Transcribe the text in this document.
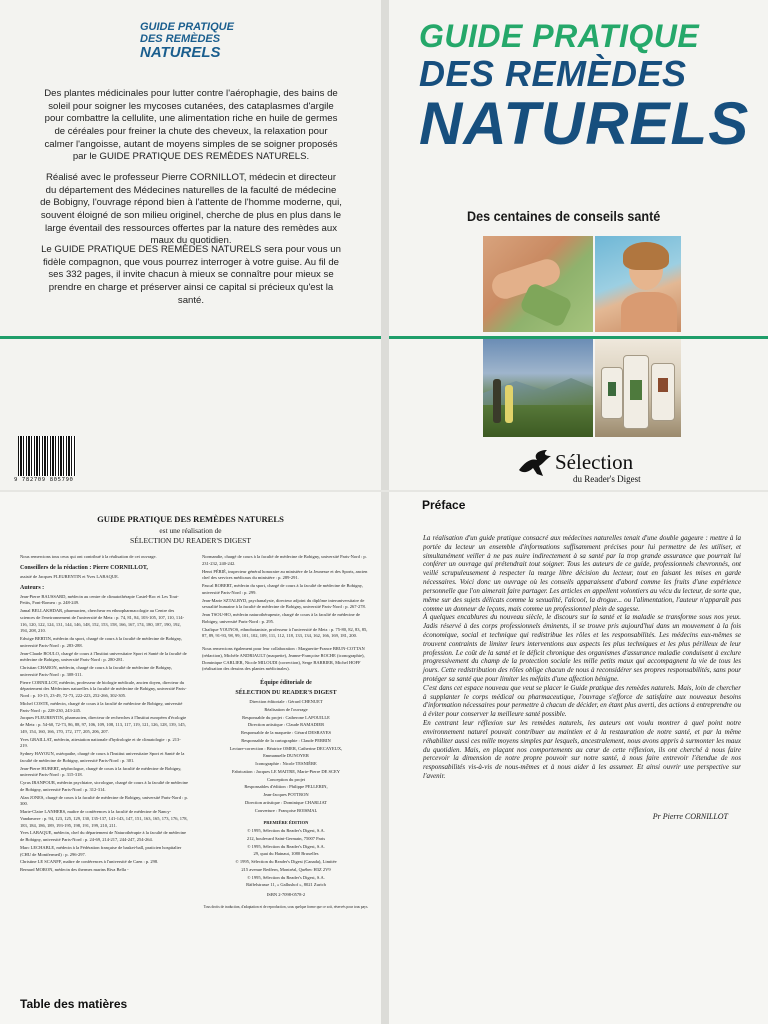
GUIDE PRATIQUE
DES REMÈDES
NATURELS

Des plantes médicinales pour lutter contre l'aérophagie, des bains de soleil pour soigner les mycoses cutanées, des cataplasmes d'argile pour combattre la cellulite, une alimentation riche en huile de germes de céréales pour freiner la chute des cheveux, la relaxation pour calmer l'angoisse, autant de moyens simples de se soigner proposés par le GUIDE PRATIQUE DES REMÈDES NATURELS.

Réalisé avec le professeur Pierre CORNILLOT, médecin et directeur du département des Médecines naturelles de la faculté de médecine de Bobigny, l'ouvrage répond bien à l'attente de l'homme moderne, qui, souvent éloigné de son milieu originel, cherche de plus en plus dans le large éventail des ressources offertes par la nature des remèdes aux maux du quotidien.

Le GUIDE PRATIQUE DES REMÈDES NATURELS sera pour vous un fidèle compagnon, que vous pourrez interroger à votre guise. Au fil de ses 332 pages, il invite chacun à mieux se connaître pour mieux se prendre en charge et préserver ainsi ce capital si précieux qu'est la santé.

9 782709 805790
GUIDE PRATIQUE
DES REMÈDES
NATURELS
Des centaines de conseils santé
Sélection
du Reader's Digest
GUIDE PRATIQUE DES REMÈDES NATURELS
est une réalisation de
SÉLECTION DU READER'S DIGEST

Nous remercions tous ceux qui ont contribué à la réalisation de cet ouvrage.

Conseillers de la rédaction : Pierre CORNILLOT,

assisté de Jacques FLEURENTIN et Yves LABAQUE.

Auteurs :

Jean-Pierre BAUSSARD, médecin au centre de climatothérapie Castel-Roc et Les Tout-Petits, Font-Romeu : p. 248-249.

Jamal BELLAKHDAR, pharmacien, chercheur en ethnopharmacologie au Centre des sciences de l'environnement de l'université de Metz : p. 74, 81, 84, 103-105, 107, 110, 114-116, 120, 122, 124, 131, 144, 146, 148, 152, 153, 158, 166, 167, 174, 180, 187, 190, 192, 194, 208, 210.

Edwige BERTIN, médecin du sport, chargé de cours à la faculté de médecine de Bobigny, université Paris-Nord : p. 283-288.

Jean-Claude BOULO, chargé de cours à l'Institut universitaire Sport et Santé de la faculté de médecine de Bobigny, université Paris-Nord : p. 280-281.

Christian CHARON, médecin, chargé de cours à la faculté de médecine de Bobigny, université Paris-Nord : p. 308-311.

Pierre CORNILLOT, médecin, professeur de biologie médicale, ancien doyen, directeur du département des Médecines naturelles à la faculté de médecine de Bobigny, université Paris-Nord : p. 10-15, 23-49, 72-73, 222-223, 252-266, 302-305.

Michel COSTE, médecin, chargé de cours à la faculté de médecine de Bobigny, université Paris-Nord : p. 228-230, 243-245.

Jacques FLEURENTIN, pharmacien, directeur de recherches à l'Institut européen d'écologie de Metz : p. 54-60, 72-73, 86, 88, 97, 106, 109, 108, 113, 117, 119, 121, 126, 128, 139, 145, 149, 154, 160, 166, 170, 172, 177, 205, 206, 207.

Yves GRAILLAT, médecin, attestation nationale d'hydrologie et de climatologie : p. 213-219.

Sydney HAYOUN, ostéopathe, chargé de cours à l'Institut universitaire Sport et Santé de la faculté de médecine de Bobigny, université Paris-Nord : p. 301.

Jean-Pierre HUBERT, néphrologue, chargé de cours à la faculté de médecine de Bobigny, université Paris-Nord : p. 315-318.

Cyrus IRANPOUR, médecin psychiatre, sicrologue, chargé de cours à la faculté de médecine de Bobigny, université Paris-Nord : p. 312-314.

Alan JONES, chargé de cours à la faculté de médecine de Bobigny, université Paris-Nord : p. 300.

Marie-Claire LANHERS, maître de conférences à la faculté de médecine de Nancy-Vandœuvre : p. 94, 123, 125, 129, 130, 135-137, 141-143, 147, 151, 163, 165, 173, 176, 178, 183, 184, 186, 189, 193-195, 198, 191, 199, 210, 211.

Yves LABAQUE, médecin, chef du département de Naturothérapie à la faculté de médecine de Bobigny, université Paris-Nord : p. 24-69, 214-217, 244-247, 254-264.

Marc LECHABLE, médecin à la Fédération française de basket-ball, praticien hospitalier (CHU de Montfermeil) : p. 296-297.

Christine LE SCANFF, maître de conférences à l'université de Caen : p. 298.

Bernard MORON, médecin des thermes marins Riva Bella -

Normandie, chargé de cours à la faculté de médecine de Bobigny, université Paris-Nord : p. 231-232, 240-242.

Henri PÉRIÉ, inspecteur général honoraire au ministère de la Jeunesse et des Sports, ancien chef des services médicaux du ministère : p. 289-291.

Pascal ROBERT, médecin du sport, chargé de cours à la faculté de médecine de Bobigny, université Paris-Nord : p. 299.

Jean-Marie SZTALRYD, psychanalyste, directeur adjoint du diplôme interuniversitaire de sexualité humaine à la faculté de médecine de Bobigny, université Paris-Nord : p. 267-278.

Jean TSOU-HO, médecin naturothérapeute, chargé de cours à la faculté de médecine de Bobigny, université Paris-Nord : p. 295.

Chafique YOUNOS, ethnobotaniste, professeur à l'université de Metz : p. 75-80, 82, 83, 85, 87, 89, 91-93, 98, 99, 101, 102, 109, 111, 112, 118, 133, 134, 162, 166, 169, 181, 200.

Nous remercions également pour leur collaboration : Marguerite-France BRUN-COTTAN (rédaction), Michèle ANDRIAULT (maquette), Jeanne-Françoise ROCHE (iconographie), Dominique CARLIER, Nicole MILOUDI (correction), Serge BARRIER, Michel HOFF (réalisation des dessins des plantes médicinales).

Équipe éditoriale de

SÉLECTION DU READER'S DIGEST

Direction éditoriale : Gérard CHENUET

Réalisation de l'ouvrage

Responsable du projet : Catherone LAPOUILLE

Direction artistique : Claude RAMADIER

Responsable de la maquette : Gérard DESRAYES

Responsable de la cartographie : Claude PERRIN

Lecture-correction : Béatrice OMER, Catherine DECAYEUX,

Emmanuelle DUNOYER

Iconographie : Nicole TESNIÈRE

Fabrication : Jacques LE MAITRE, Marie-Pierre DE SCEY

Conception du projet

Responsables d'édition : Philippe PELLERIN,

Jean-Jacques POTTRON

Direction artistique : Dominique CHARLIAT

Couverture : Françoise BOISMAL

PREMIÈRE ÉDITION

© 1995, Sélection du Reader's Digest, S.A.

212, boulevard Saint-Germain, 75007 Paris

© 1995, Sélection du Reader's Digest, S.A.

29, quai du Hainaut, 1080 Bruxelles

© 1995, Sélection du Reader's Digest (Canada), Limitée

215 avenue Redfern, Montréal, Québec H3Z 2V9

© 1995, Sélection du Reader's Digest, S.A.

Räffelstrasse 11, « Gallushof », 8021 Zurich

ISBN 2-7098-0578-2

Tous droits de traduction, d'adaptation et de reproduction, sous quelque forme que ce soit, réservés pour tous pays.

Table des matières
Préface

La réalisation d'un guide pratique consacré aux médecines naturelles tenait d'une double gageure : mettre à la portée du lecteur un ensemble d'informations suffisamment précises pour lui permettre de les utiliser, et simultanément veiller à ne pas nuire indirectement à sa santé par la trop grande assurance que pourrait lui conférer un ouvrage qui prétendrait tout soigner. Tous les auteurs de ce guide, professionnels chevronnés, ont veillé scrupuleusement à respecter la marge libre décision du lecteur, tout en faisant les mises en garde nécessaires. Voici donc un ouvrage où les conseils apparaissent d'abord comme les fruits d'une expérience personnelle que l'on aimerait faire partager. Les articles en appellent volontiers au vécu du lecteur, de sorte que, même sur des sujets délicats comme la sexualité, l'alcool, la drogue... ou l'alimentation, l'auteur n'apparaît pas comme un donneur de leçons, mais comme un professionnel plein de sagesse.

À quelques encablures du nouveau siècle, le discours sur la santé et la maladie se transforme sous nos yeux. Jadis réservé à des corps professionnels éminents, il se trouve pris aujourd'hui dans un mouvement à la fois économique, social et technique qui redistribue les rôles et les responsabilités. Les médecins eux-mêmes se trouvent contraints de limiter leurs interventions aux aspects les plus techniques et les plus périlleux de leur profession. Le coût de la santé et le déficit chronique des organismes d'assurance maladie conduisent à exclure progressivement du champ de la protection sociale les mille petits maux qui accompagnent la vie de tous les jours. Cette redistribution des rôles oblige chacun de nous à reconsidérer ses propres responsabilités, sans pour protéger sa santé que pour limiter les méfaits d'une affection bénigne.

C'est dans cet espace nouveau que veut se placer le Guide pratique des remèdes naturels. Mais, loin de chercher à supplanter le corps médical ou pharmaceutique, l'ouvrage s'efforce de satisfaire aux nouveaux besoins d'information nécessaires pour permettre à chacun de décider, en étant plus averti, des actions à entreprendre ou à éviter pour conserver la meilleure santé possible.

En centrant leur réflexion sur les remèdes naturels, les auteurs ont voulu montrer à quel point notre environnement naturel pouvait contribuer au maintien et à la restauration de notre santé, et par la même réhabiliter aussi ces mille moyens simples par lesquels, ancestralement, nous avons appris à surmonter les maux du quotidien. Mais, en plaçant nos comportements au cœur de cette réflexion, ils ont cherché à nous faire percevoir la dimension de notre propre pouvoir sur notre santé, à nous faire entrevoir l'étendue de nos responsabilités vis-à-vis de nous-mêmes et à nous aider à les assumer. Et ainsi ouvrir une perspective sur l'avenir.

Pr Pierre CORNILLOT
